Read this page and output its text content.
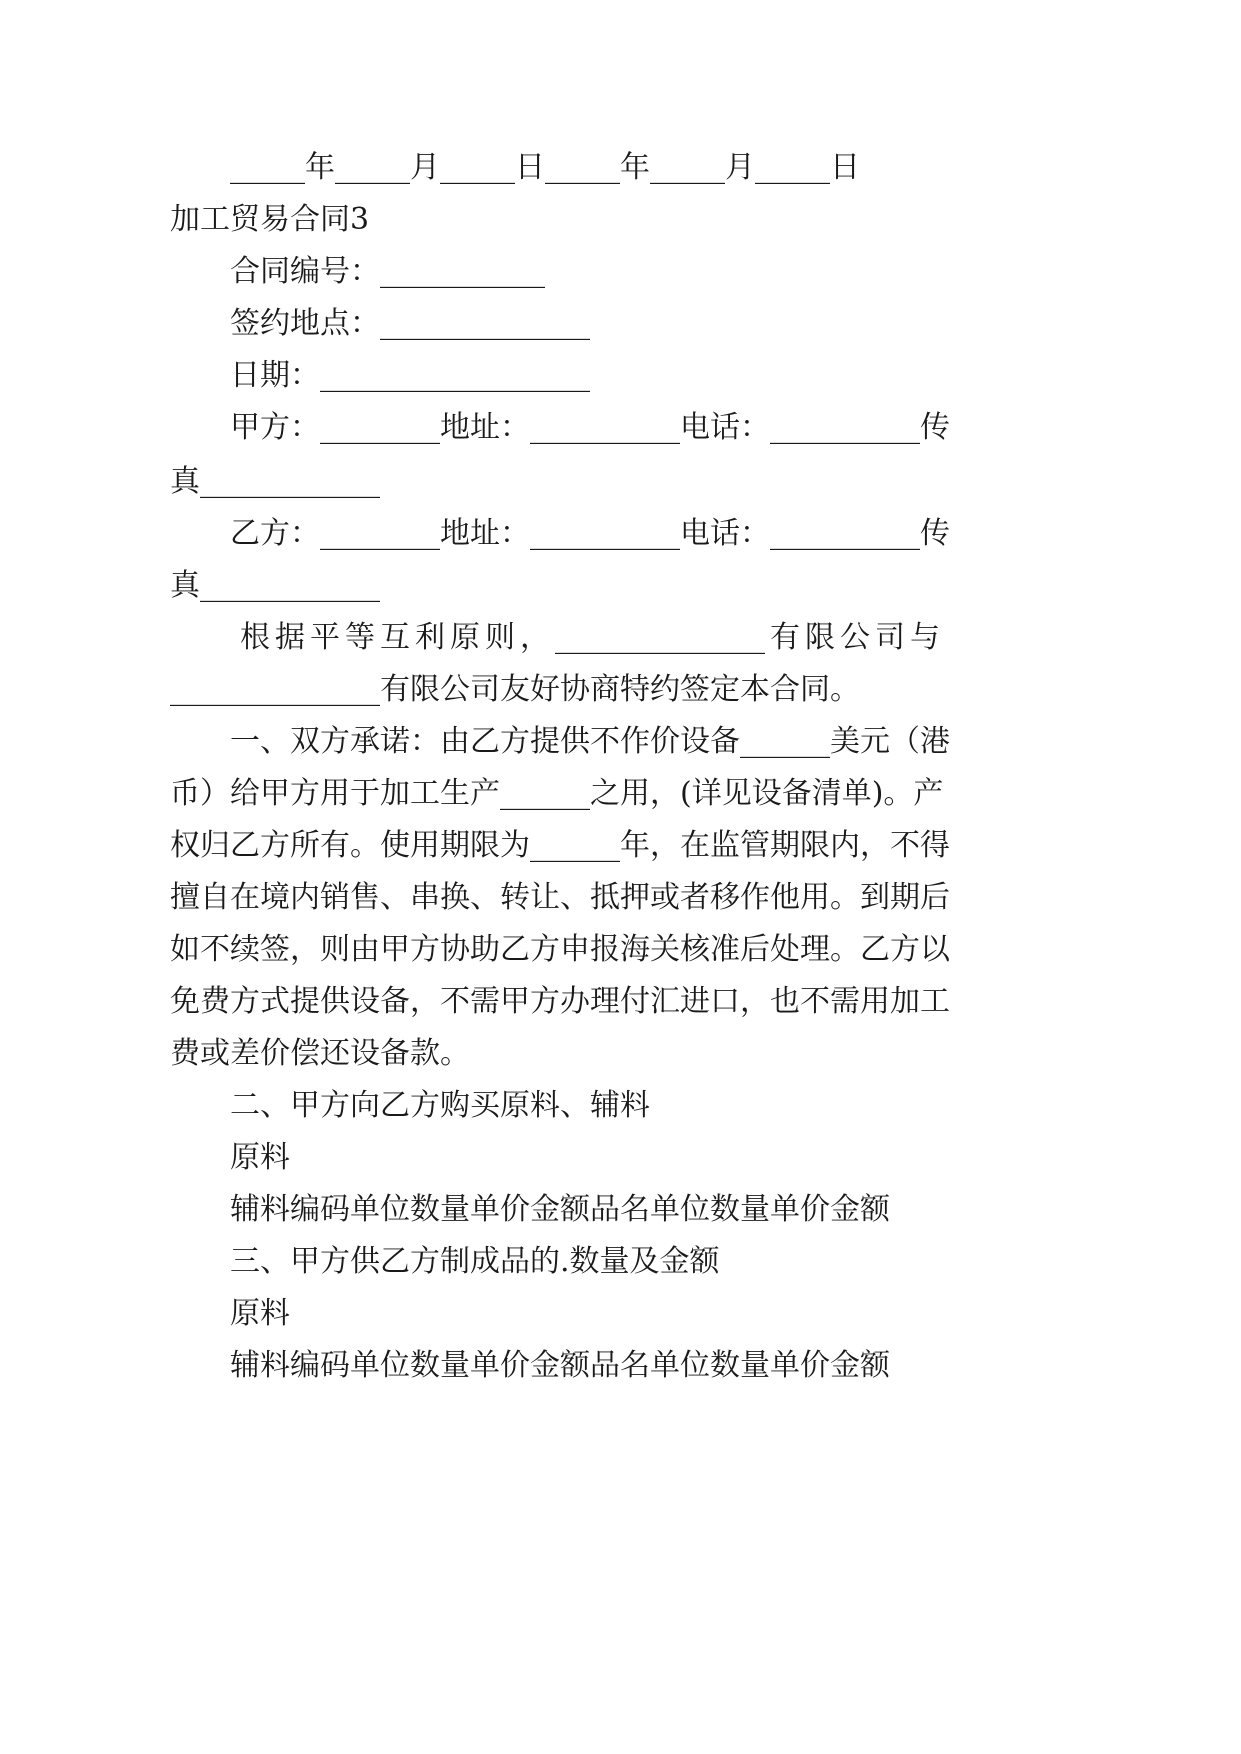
_____年_____月_____日_____年_____月_____日
加工贸易合同3
合同编号：___________
签约地点：______________
日期：__________________
甲方：________地址：__________电话：__________传
真____________
乙方：________地址：__________电话：__________传
真____________
根据平等互利原则，______________有限公司与
______________有限公司友好协商特约签定本合同。
一、双方承诺：由乙方提供不作价设备______美元（港
币）给甲方用于加工生产______之用，(详见设备清单)。产
权归乙方所有。使用期限为______年，在监管期限内，不得
擅自在境内销售、串换、转让、抵押或者移作他用。到期后
如不续签，则由甲方协助乙方申报海关核准后处理。乙方以
免费方式提供设备，不需甲方办理付汇进口，也不需用加工
费或差价偿还设备款。
二、甲方向乙方购买原料、辅料
原料
辅料编码单位数量单价金额品名单位数量单价金额
三、甲方供乙方制成品的.数量及金额
原料
辅料编码单位数量单价金额品名单位数量单价金额
